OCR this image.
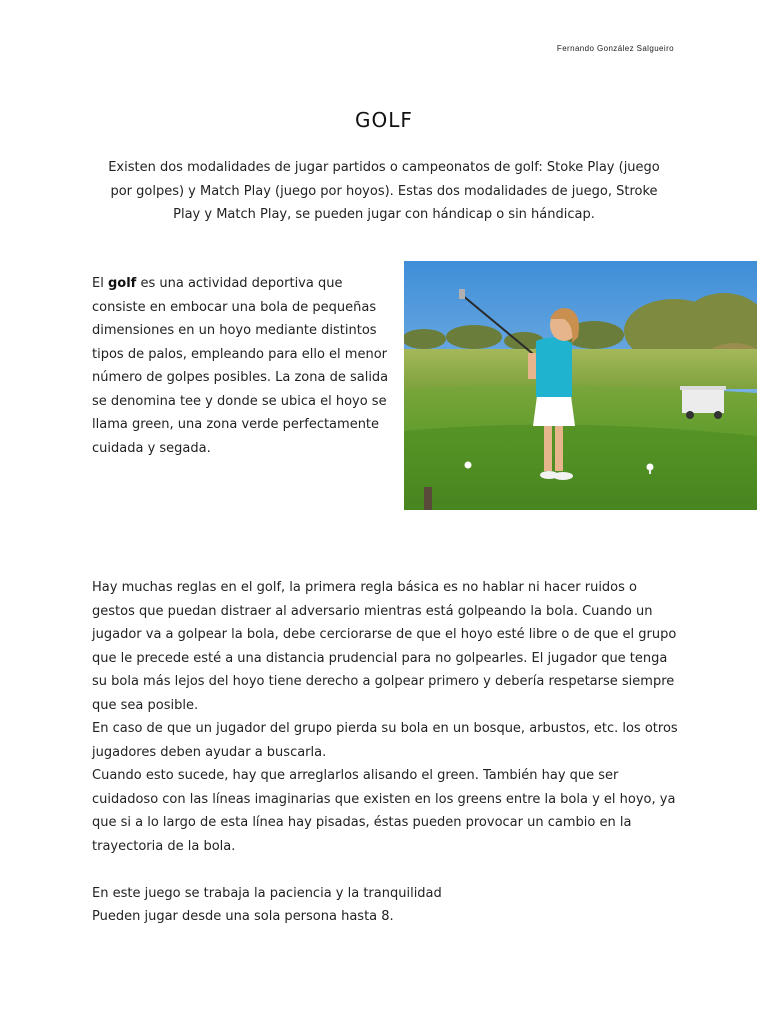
Fernando González Salgueiro
GOLF
Existen dos modalidades de jugar partidos o campeonatos de golf: Stoke Play (juego por golpes) y Match Play (juego por hoyos). Estas dos modalidades de juego, Stroke Play y Match Play, se pueden jugar con hándicap o sin hándicap.
El golf es una actividad deportiva que consiste en embocar una bola de pequeñas dimensiones en un hoyo mediante distintos tipos de palos, empleando para ello el menor número de golpes posibles. La zona de salida se denomina tee y donde se ubica el hoyo se llama green, una zona verde perfectamente cuidada y segada.

Hay muchas reglas en el golf, la primera regla básica es no hablar ni hacer ruidos o gestos que puedan distraer al adversario mientras está golpeando la bola. Cuando un jugador va a golpear la bola, debe cerciorarse de que el hoyo esté libre o de que el grupo que le precede esté a una distancia prudencial para no golpearles. El jugador que tenga su bola más lejos del hoyo tiene derecho a golpear primero y debería respetarse siempre que sea posible.

En caso de que un jugador del grupo pierda su bola en un bosque, arbustos, etc. los otros jugadores deben ayudar a buscarla.

Cuando esto sucede, hay que arreglarlos alisando el green. También hay que ser cuidadoso con las líneas imaginarias que existen en los greens entre la bola y el hoyo, ya que si a lo largo de esta línea hay pisadas, éstas pueden provocar un cambio en la trayectoria de la bola.

En este juego se trabaja la paciencia y la tranquilidad

Pueden jugar desde una sola persona hasta 8.
